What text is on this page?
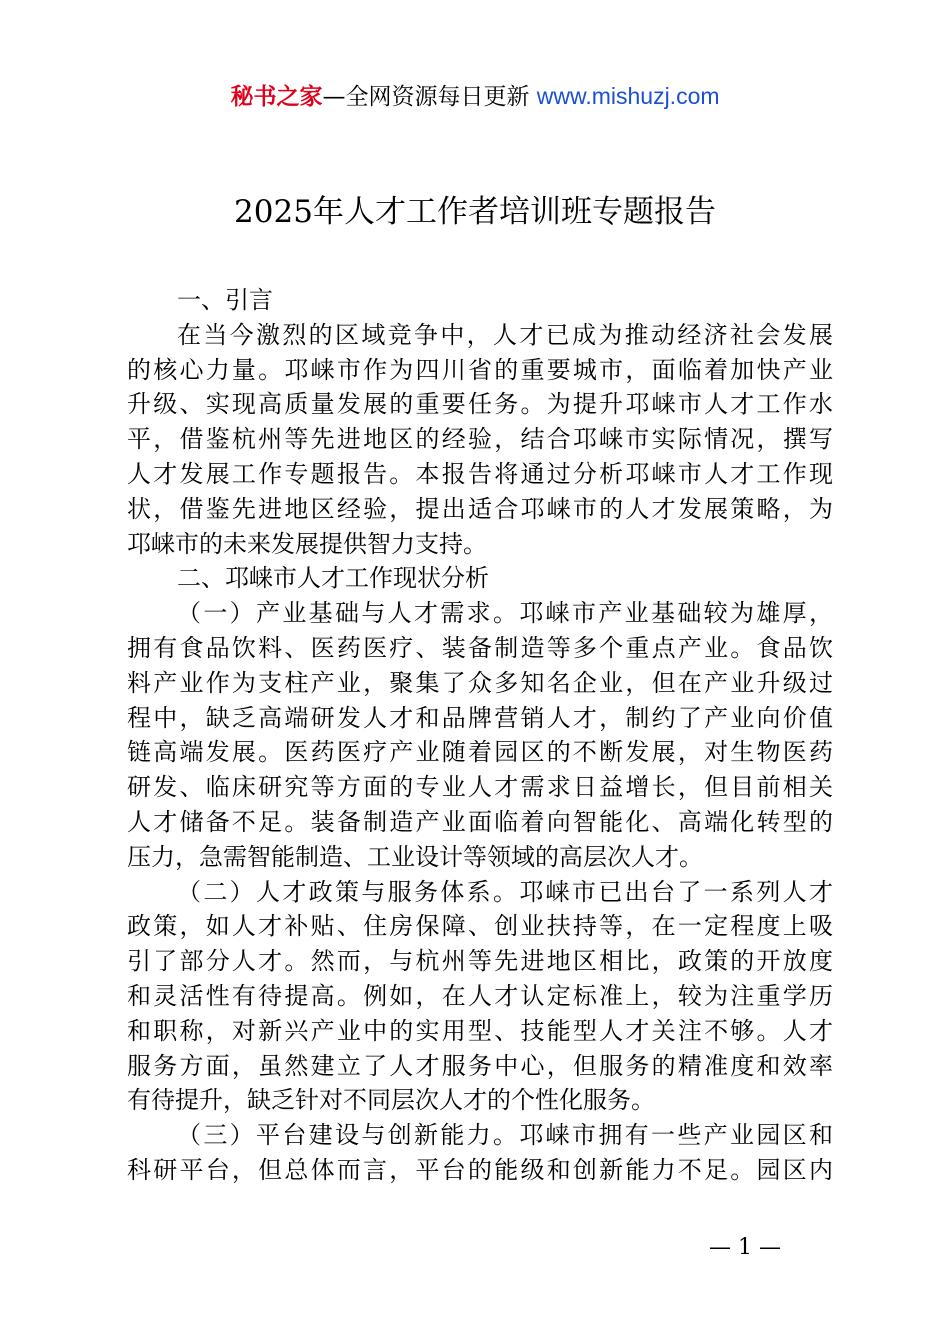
秘书之家—全网资源每日更新 www.mishuzj.com
2025年人才工作者培训班专题报告
一、引言
在当今激烈的区域竞争中，人才已成为推动经济社会发展
的核心力量。邛崃市作为四川省的重要城市，面临着加快产业
升级、实现高质量发展的重要任务。为提升邛崃市人才工作水
平，借鉴杭州等先进地区的经验，结合邛崃市实际情况，撰写
人才发展工作专题报告。本报告将通过分析邛崃市人才工作现
状，借鉴先进地区经验，提出适合邛崃市的人才发展策略，为
邛崃市的未来发展提供智力支持。
二、邛崃市人才工作现状分析
（一）产业基础与人才需求。邛崃市产业基础较为雄厚，
拥有食品饮料、医药医疗、装备制造等多个重点产业。食品饮
料产业作为支柱产业，聚集了众多知名企业，但在产业升级过
程中，缺乏高端研发人才和品牌营销人才，制约了产业向价值
链高端发展。医药医疗产业随着园区的不断发展，对生物医药
研发、临床研究等方面的专业人才需求日益增长，但目前相关
人才储备不足。装备制造产业面临着向智能化、高端化转型的
压力，急需智能制造、工业设计等领域的高层次人才。
（二）人才政策与服务体系。邛崃市已出台了一系列人才
政策，如人才补贴、住房保障、创业扶持等，在一定程度上吸
引了部分人才。然而，与杭州等先进地区相比，政策的开放度
和灵活性有待提高。例如，在人才认定标准上，较为注重学历
和职称，对新兴产业中的实用型、技能型人才关注不够。人才
服务方面，虽然建立了人才服务中心，但服务的精准度和效率
有待提升，缺乏针对不同层次人才的个性化服务。
（三）平台建设与创新能力。邛崃市拥有一些产业园区和
科研平台，但总体而言，平台的能级和创新能力不足。园区内
— 1 —
